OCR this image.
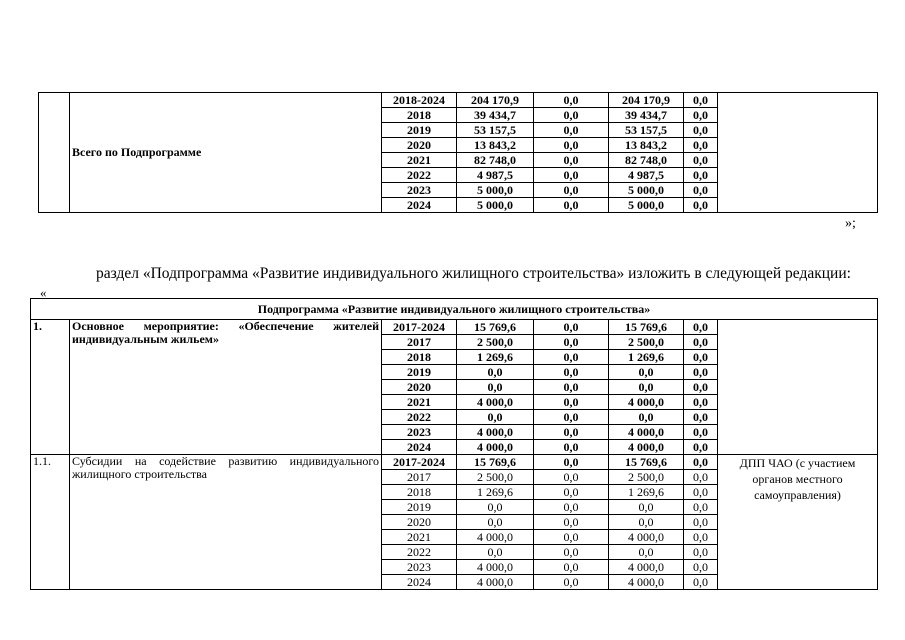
	Всего по Подпрограмме	2018-2024	204 170,9	0,0	204 170,9	0,0	
		2018	39 434,7	0,0	39 434,7	0,0	
		2019	53 157,5	0,0	53 157,5	0,0	
		2020	13 843,2	0,0	13 843,2	0,0	
		2021	82 748,0	0,0	82 748,0	0,0	
		2022	4 987,5	0,0	4 987,5	0,0	
		2023	5 000,0	0,0	5 000,0	0,0	
		2024	5 000,0	0,0	5 000,0	0,0	
»;
раздел «Подпрограмма «Развитие индивидуального жилищного строительства» изложить в следующей редакции:
«
Подпрограмма «Развитие индивидуального жилищного строительства»							
1.	Основное мероприятие: «Обеспечение жителей индивидуальным жильем»	2017-2024	15 769,6	0,0	15 769,6	0,0	
		2017	2 500,0	0,0	2 500,0	0,0	
		2018	1 269,6	0,0	1 269,6	0,0	
		2019	0,0	0,0	0,0	0,0	
		2020	0,0	0,0	0,0	0,0	
		2021	4 000,0	0,0	4 000,0	0,0	
		2022	0,0	0,0	0,0	0,0	
		2023	4 000,0	0,0	4 000,0	0,0	
		2024	4 000,0	0,0	4 000,0	0,0	
1.1.	Субсидии на содействие развитию индивидуального жилищного строительства	2017-2024	15 769,6	0,0	15 769,6	0,0	ДПП ЧАО (с участием органов местного самоуправления)
		2017	2 500,0	0,0	2 500,0	0,0	
		2018	1 269,6	0,0	1 269,6	0,0	
		2019	0,0	0,0	0,0	0,0	
		2020	0,0	0,0	0,0	0,0	
		2021	4 000,0	0,0	4 000,0	0,0	
		2022	0,0	0,0	0,0	0,0	
		2023	4 000,0	0,0	4 000,0	0,0	
		2024	4 000,0	0,0	4 000,0	0,0	
